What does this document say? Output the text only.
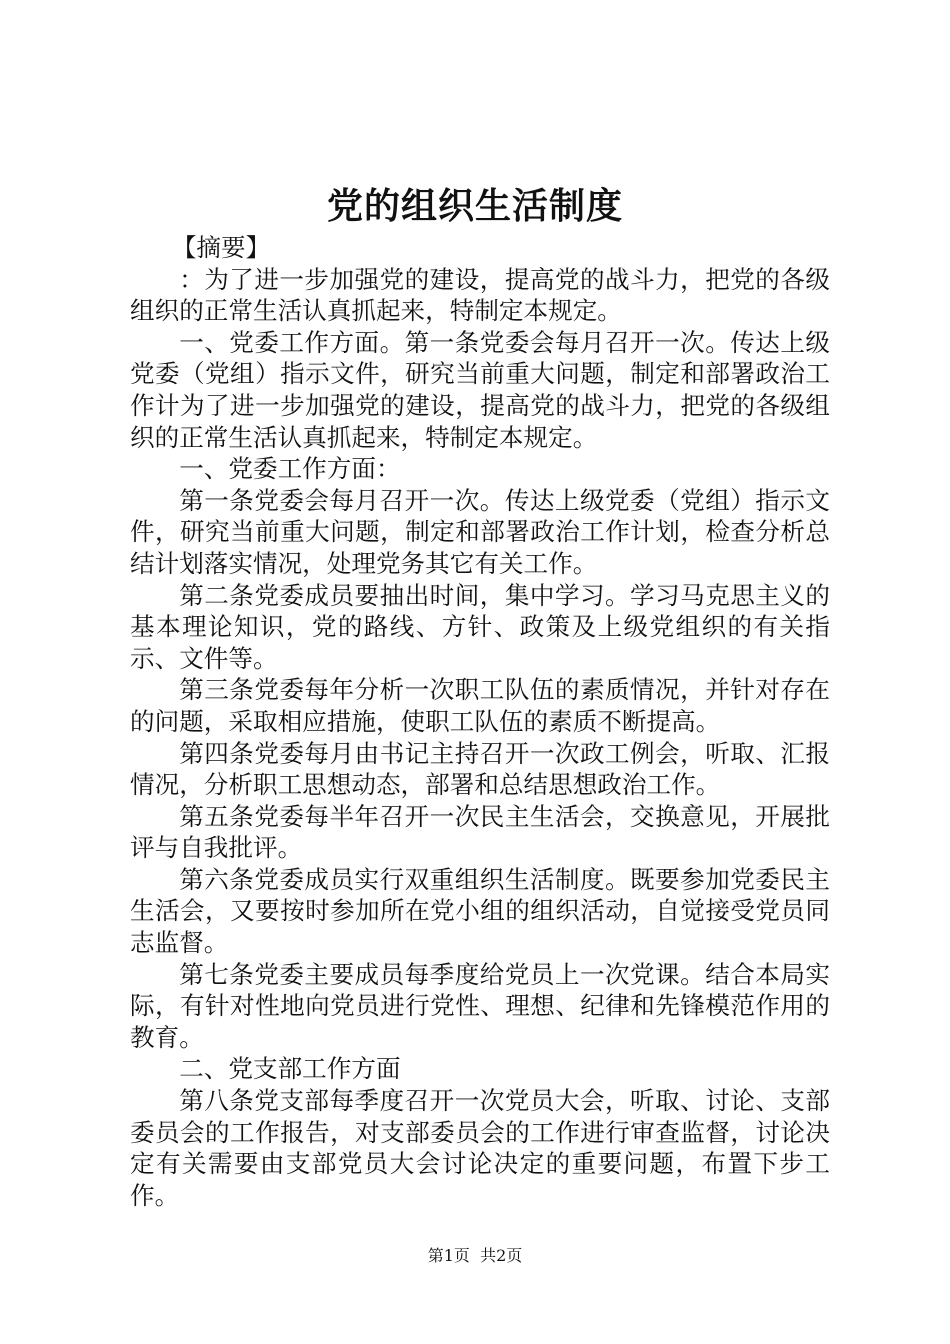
党的组织生活制度

【摘要】

：为了进一步加强党的建设，提高党的战斗力，把党的各级组织的正常生活认真抓起来，特制定本规定。

一、党委工作方面。第一条党委会每月召开一次。传达上级党委（党组）指示文件，研究当前重大问题，制定和部署政治工作计为了进一步加强党的建设，提高党的战斗力，把党的各级组织的正常生活认真抓起来，特制定本规定。

一、党委工作方面：

第一条党委会每月召开一次。传达上级党委（党组）指示文件，研究当前重大问题，制定和部署政治工作计划，检查分析总结计划落实情况，处理党务其它有关工作。

第二条党委成员要抽出时间，集中学习。学习马克思主义的基本理论知识，党的路线、方针、政策及上级党组织的有关指示、文件等。

第三条党委每年分析一次职工队伍的素质情况，并针对存在的问题，采取相应措施，使职工队伍的素质不断提高。

第四条党委每月由书记主持召开一次政工例会，听取、汇报情况，分析职工思想动态，部署和总结思想政治工作。

第五条党委每半年召开一次民主生活会，交换意见，开展批评与自我批评。

第六条党委成员实行双重组织生活制度。既要参加党委民主生活会，又要按时参加所在党小组的组织活动，自觉接受党员同志监督。

第七条党委主要成员每季度给党员上一次党课。结合本局实际，有针对性地向党员进行党性、理想、纪律和先锋模范作用的教育。

二、党支部工作方面

第八条党支部每季度召开一次党员大会，听取、讨论、支部委员会的工作报告，对支部委员会的工作进行审查监督，讨论决定有关需要由支部党员大会讨论决定的重要问题，布置下步工作。

第1页 共2页
